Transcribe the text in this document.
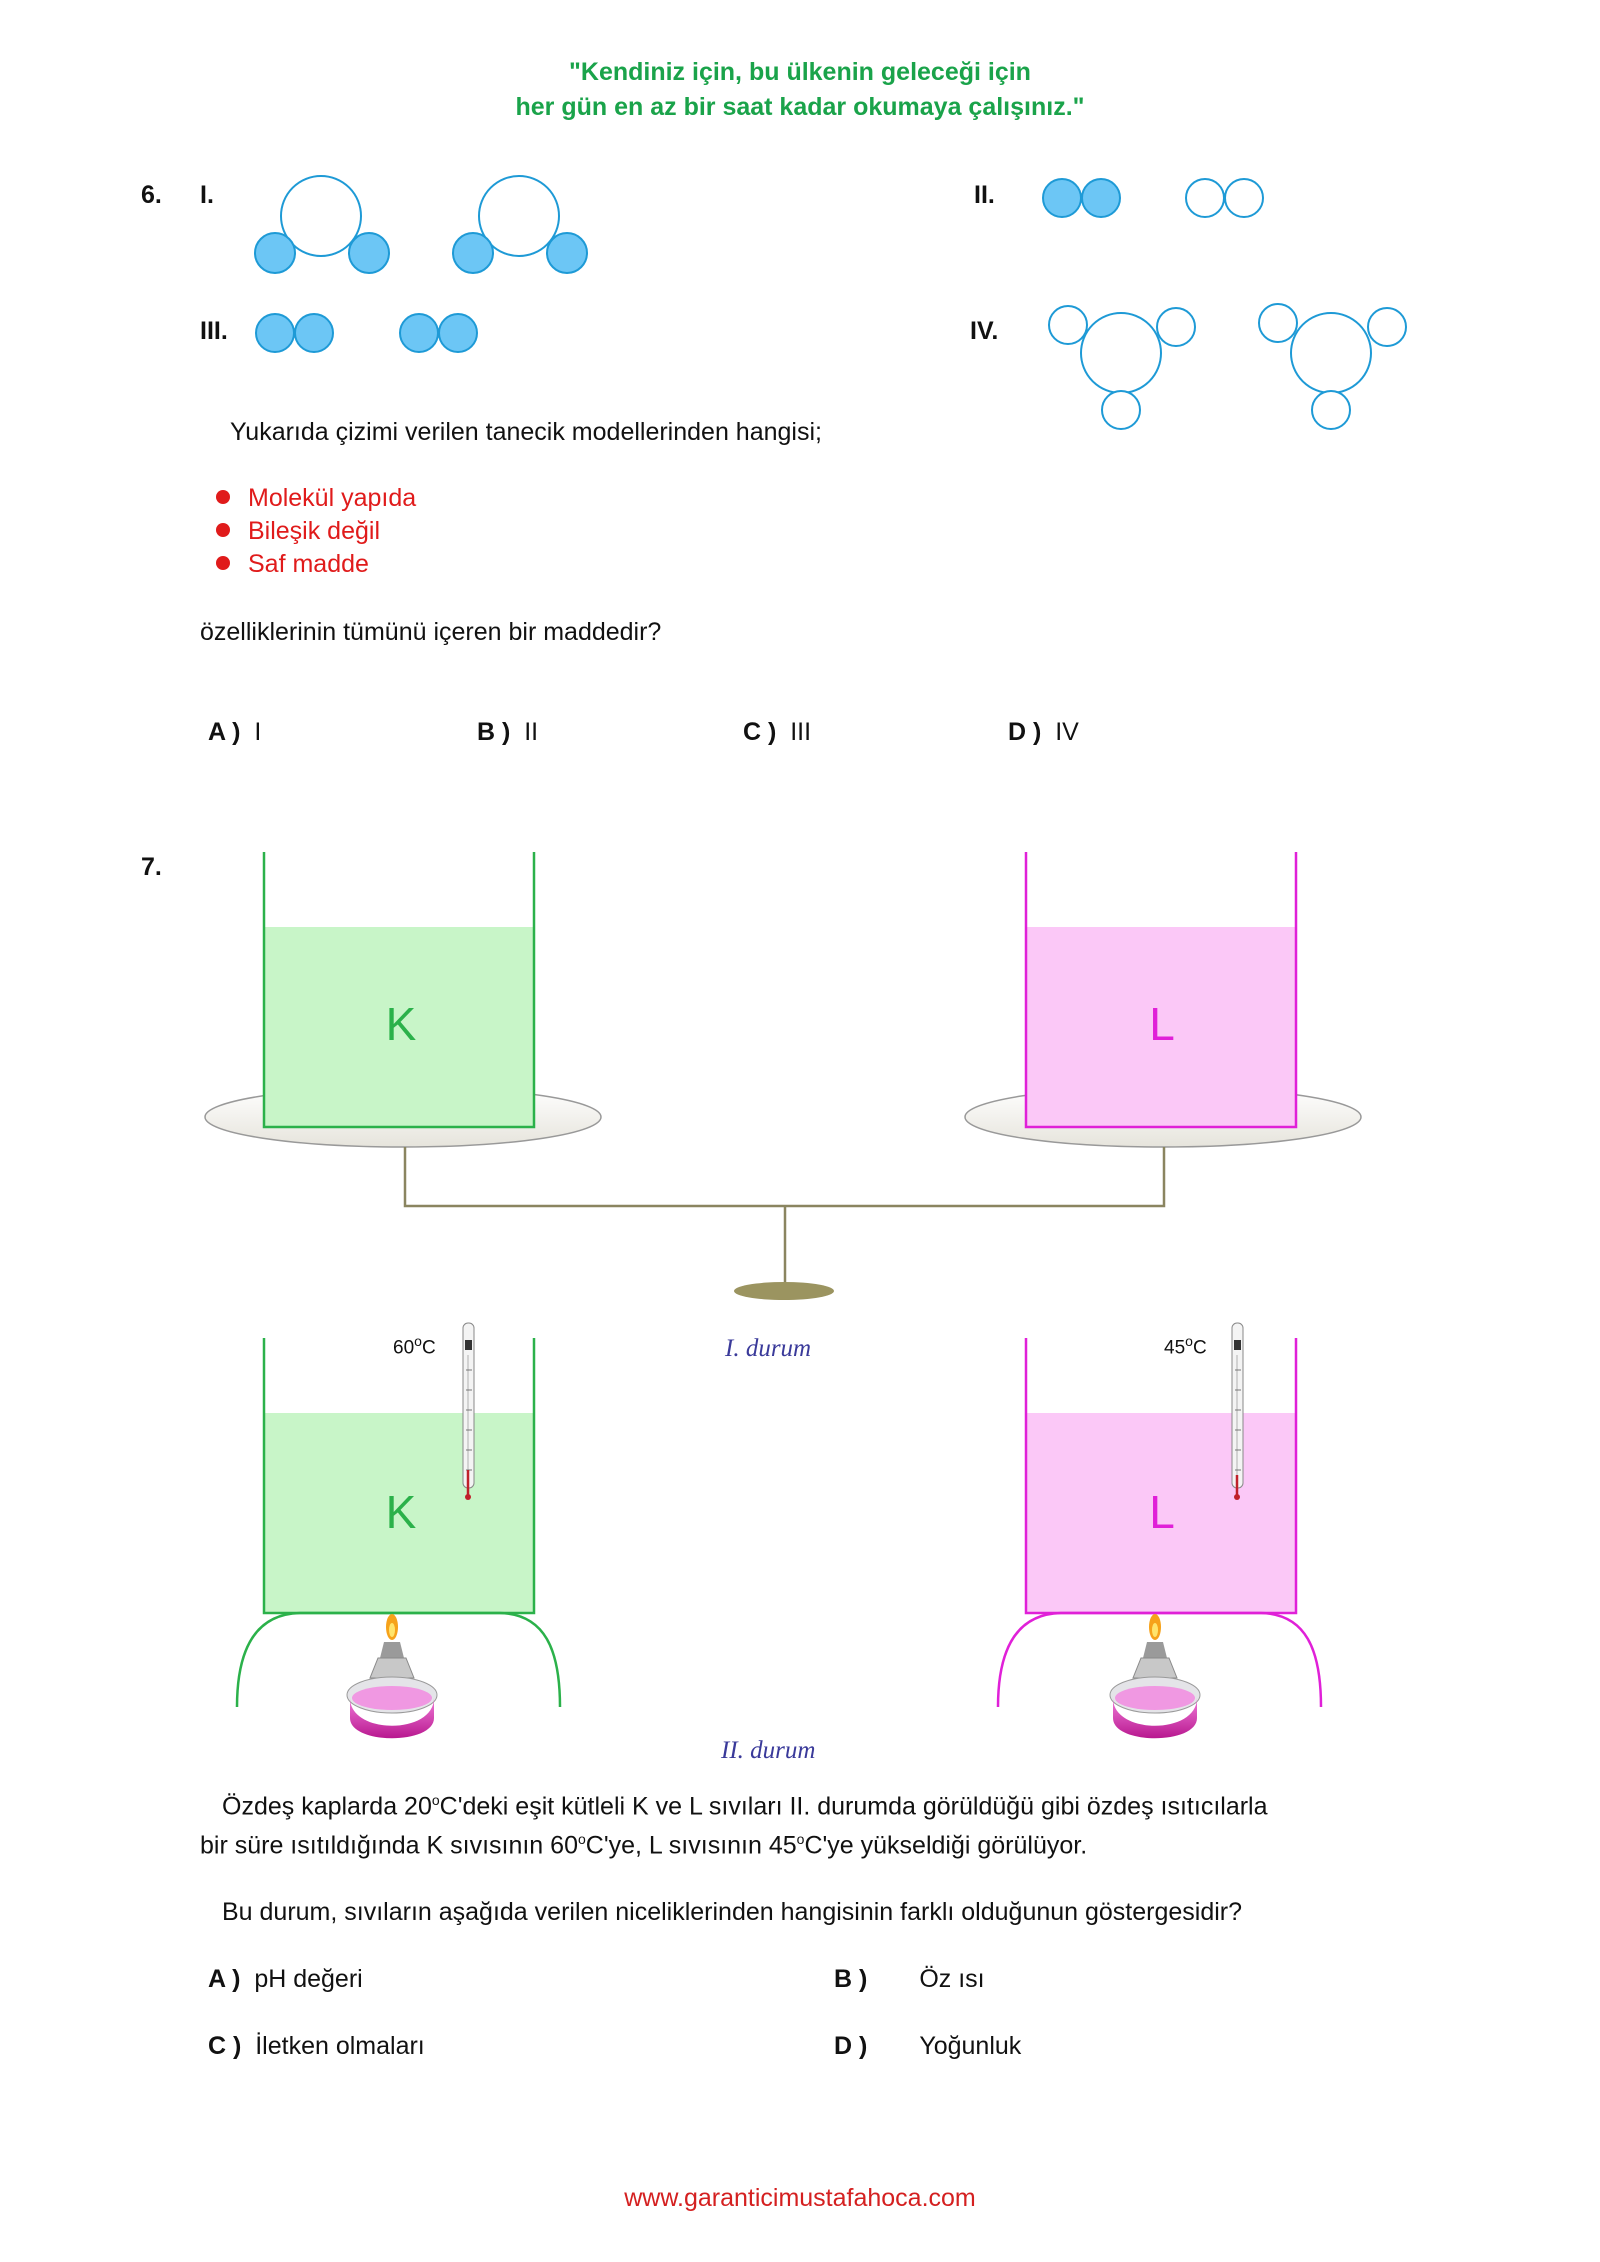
"Kendiniz için, bu ülkenin geleceği için
her gün en az bir saat kadar okumaya çalışınız."
6. I.	II.
III.	IV.
Yukarıda çizimi verilen tanecik modellerinden hangisi;
Molekül yapıda
Bileşik değil
Saf madde
özelliklerinin tümünü içeren bir maddedir?
A ) I	B ) II	C ) III	D ) IV
7.
K	L
K	L
60$^o$C	45$^o$C
I. durum
II. durum
Özdeş kaplarda 20$^o$C'deki eşit kütleli K ve L sıvıları II. durumda görüldüğü gibi özdeş ısıtıcılarla
bir süre ısıtıldığında K sıvısının 60$^o$C'ye, L sıvısının 45$^o$C'ye yükseldiği görülüyor.
Bu durum, sıvıların aşağıda verilen niceliklerinden hangisinin farklı olduğunun göstergesidir?
A ) pH değeri	B ) Öz ısı
C ) İletken olmaları	D ) Yoğunluk
www.garanticimustafahoca.com
